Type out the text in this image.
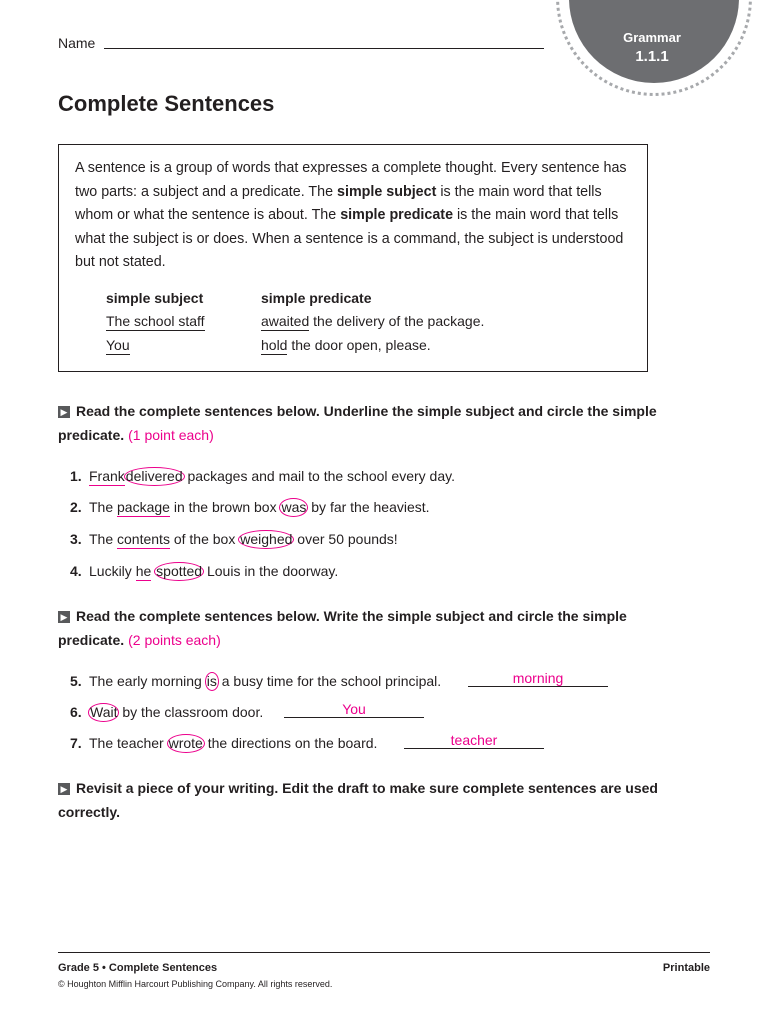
Grammar
1.1.1
Name
Complete Sentences
A sentence is a group of words that expresses a complete thought. Every sentence has two parts: a subject and a predicate. The simple subject is the main word that tells whom or what the sentence is about. The simple predicate is the main word that tells what the subject is or does. When a sentence is a command, the subject is understood but not stated.
simple subject	simple predicate
The school staff	awaited the delivery of the package.
You	hold the door open, please.
▶ Read the complete sentences below. Underline the simple subject and circle the simple predicate. (1 point each)
1. Frankdelivered packages and mail to the school every day.
2. The package in the brown box was by far the heaviest.
3. The contents of the box weighed over 50 pounds!
4. Luckily he spotted Louis in the doorway.
▶ Read the complete sentences below. Write the simple subject and circle the simple predicate. (2 points each)
5. The early morning is a busy time for the school principal.	morning
6. Wait by the classroom door.	You
7. The teacher wrote the directions on the board.	teacher
▶ Revisit a piece of your writing. Edit the draft to make sure complete sentences are used correctly.
Grade 5 • Complete Sentences	Printable
© Houghton Mifflin Harcourt Publishing Company. All rights reserved.
